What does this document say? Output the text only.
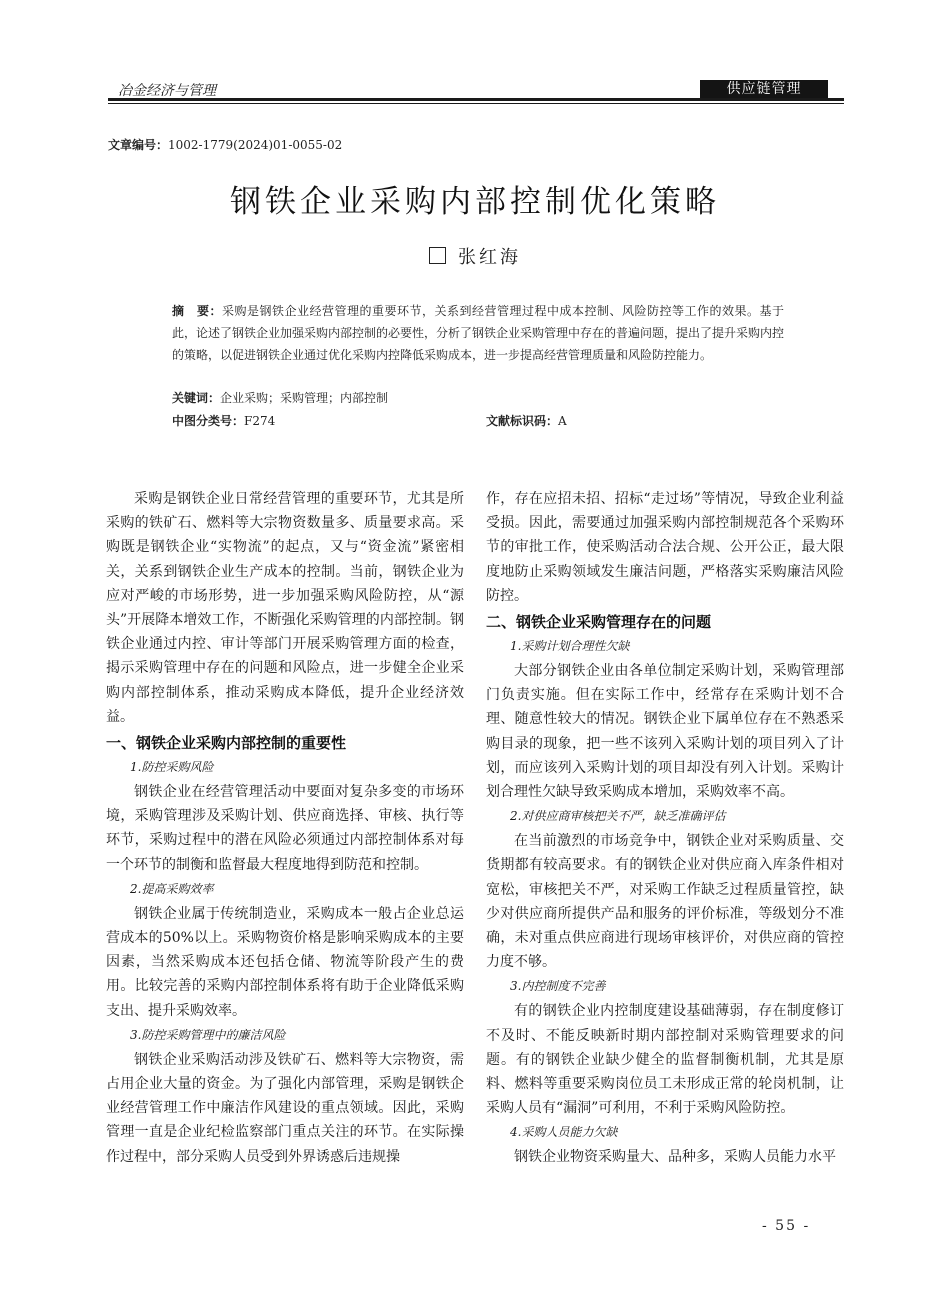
冶金经济与管理	供应链管理
文章编号：1002-1779(2024)01-0055-02
钢铁企业采购内部控制优化策略
张红海
摘　要：采购是钢铁企业经营管理的重要环节，关系到经营管理过程中成本控制、风险防控等工作的效果。基于此，论述了钢铁企业加强采购内部控制的必要性，分析了钢铁企业采购管理中存在的普遍问题，提出了提升采购内控的策略，以促进钢铁企业通过优化采购内控降低采购成本，进一步提高经营管理质量和风险防控能力。
关键词：企业采购；采购管理；内部控制
中图分类号：F274	文献标识码：A

采购是钢铁企业日常经营管理的重要环节，尤其是所采购的铁矿石、燃料等大宗物资数量多、质量要求高。采购既是钢铁企业“实物流”的起点，又与“资金流”紧密相关，关系到钢铁企业生产成本的控制。当前，钢铁企业为应对严峻的市场形势，进一步加强采购风险防控，从“源头”开展降本增效工作，不断强化采购管理的内部控制。钢铁企业通过内控、审计等部门开展采购管理方面的检查，揭示采购管理中存在的问题和风险点，进一步健全企业采购内部控制体系，推动采购成本降低，提升企业经济效益。

一、钢铁企业采购内部控制的重要性
1.防控采购风险

钢铁企业在经营管理活动中要面对复杂多变的市场环境，采购管理涉及采购计划、供应商选择、审核、执行等环节，采购过程中的潜在风险必须通过内部控制体系对每一个环节的制衡和监督最大程度地得到防范和控制。

2.提高采购效率

钢铁企业属于传统制造业，采购成本一般占企业总运营成本的50%以上。采购物资价格是影响采购成本的主要因素，当然采购成本还包括仓储、物流等阶段产生的费用。比较完善的采购内部控制体系将有助于企业降低采购支出、提升采购效率。

3.防控采购管理中的廉洁风险

钢铁企业采购活动涉及铁矿石、燃料等大宗物资，需占用企业大量的资金。为了强化内部管理，采购是钢铁企业经营管理工作中廉洁作风建设的重点领域。因此，采购管理一直是企业纪检监察部门重点关注的环节。在实际操作过程中，部分采购人员受到外界诱惑后违规操

作，存在应招未招、招标“走过场”等情况，导致企业利益受损。因此，需要通过加强采购内部控制规范各个采购环节的审批工作，使采购活动合法合规、公开公正，最大限度地防止采购领域发生廉洁问题，严格落实采购廉洁风险防控。

二、钢铁企业采购管理存在的问题
1.采购计划合理性欠缺

大部分钢铁企业由各单位制定采购计划，采购管理部门负责实施。但在实际工作中，经常存在采购计划不合理、随意性较大的情况。钢铁企业下属单位存在不熟悉采购目录的现象，把一些不该列入采购计划的项目列入了计划，而应该列入采购计划的项目却没有列入计划。采购计划合理性欠缺导致采购成本增加，采购效率不高。

2.对供应商审核把关不严，缺乏准确评估

在当前激烈的市场竞争中，钢铁企业对采购质量、交货期都有较高要求。有的钢铁企业对供应商入库条件相对宽松，审核把关不严，对采购工作缺乏过程质量管控，缺少对供应商所提供产品和服务的评价标准，等级划分不准确，未对重点供应商进行现场审核评价，对供应商的管控力度不够。

3.内控制度不完善

有的钢铁企业内控制度建设基础薄弱，存在制度修订不及时、不能反映新时期内部控制对采购管理要求的问题。有的钢铁企业缺少健全的监督制衡机制，尤其是原料、燃料等重要采购岗位员工未形成正常的轮岗机制，让采购人员有“漏洞”可利用，不利于采购风险防控。

4.采购人员能力欠缺

钢铁企业物资采购量大、品种多，采购人员能力水平

- 55 -
